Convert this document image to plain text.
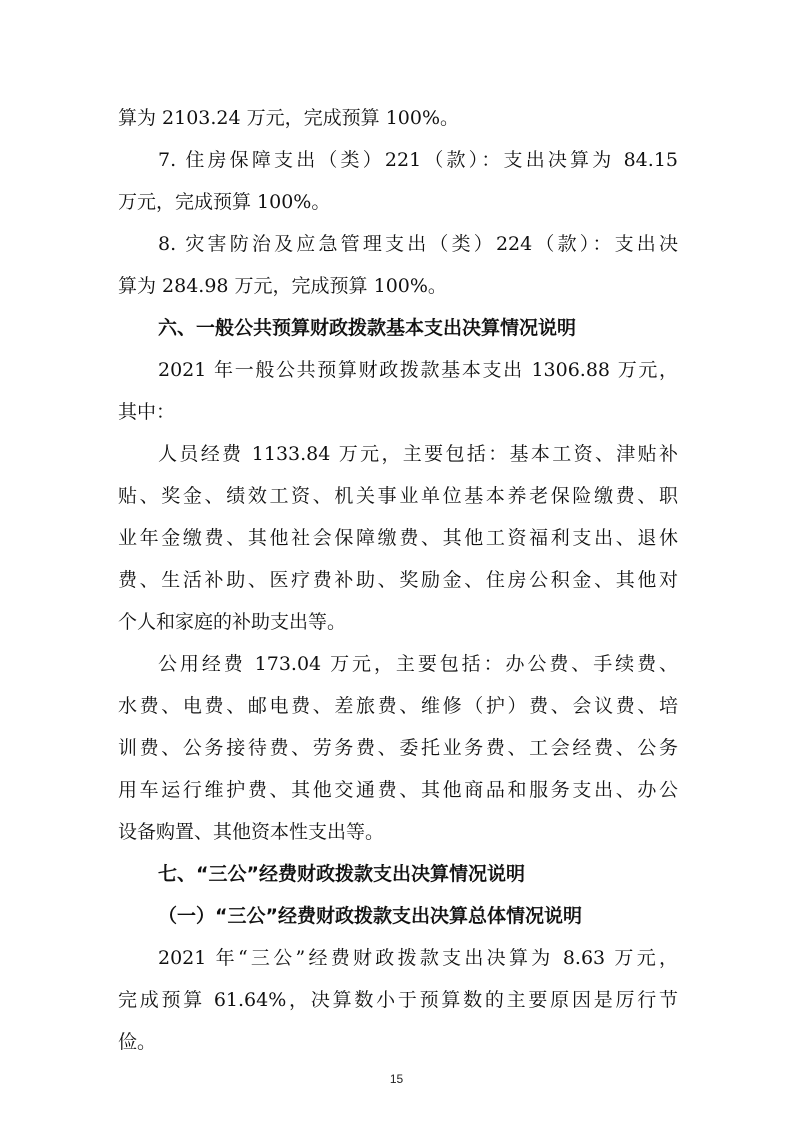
算为 2103.24 万元，完成预算 100%。
7. 住房保障支出（类）221（款）：支出决算为 84.15
万元，完成预算 100%。
8. 灾害防治及应急管理支出（类）224（款）：支出决
算为 284.98 万元，完成预算 100%。
六、一般公共预算财政拨款基本支出决算情况说明
2021 年一般公共预算财政拨款基本支出 1306.88 万元，
其中：
人员经费 1133.84 万元，主要包括：基本工资、津贴补
贴、奖金、绩效工资、机关事业单位基本养老保险缴费、职
业年金缴费、其他社会保障缴费、其他工资福利支出、退休
费、生活补助、医疗费补助、奖励金、住房公积金、其他对
个人和家庭的补助支出等。
公用经费 173.04 万元，主要包括：办公费、手续费、
水费、电费、邮电费、差旅费、维修（护）费、会议费、培
训费、公务接待费、劳务费、委托业务费、工会经费、公务
用车运行维护费、其他交通费、其他商品和服务支出、办公
设备购置、其他资本性支出等。
七、“三公”经费财政拨款支出决算情况说明
（一）“三公”经费财政拨款支出决算总体情况说明
2021 年“三公”经费财政拨款支出决算为 8.63 万元，
完成预算 61.64%，决算数小于预算数的主要原因是厉行节
俭。
15
